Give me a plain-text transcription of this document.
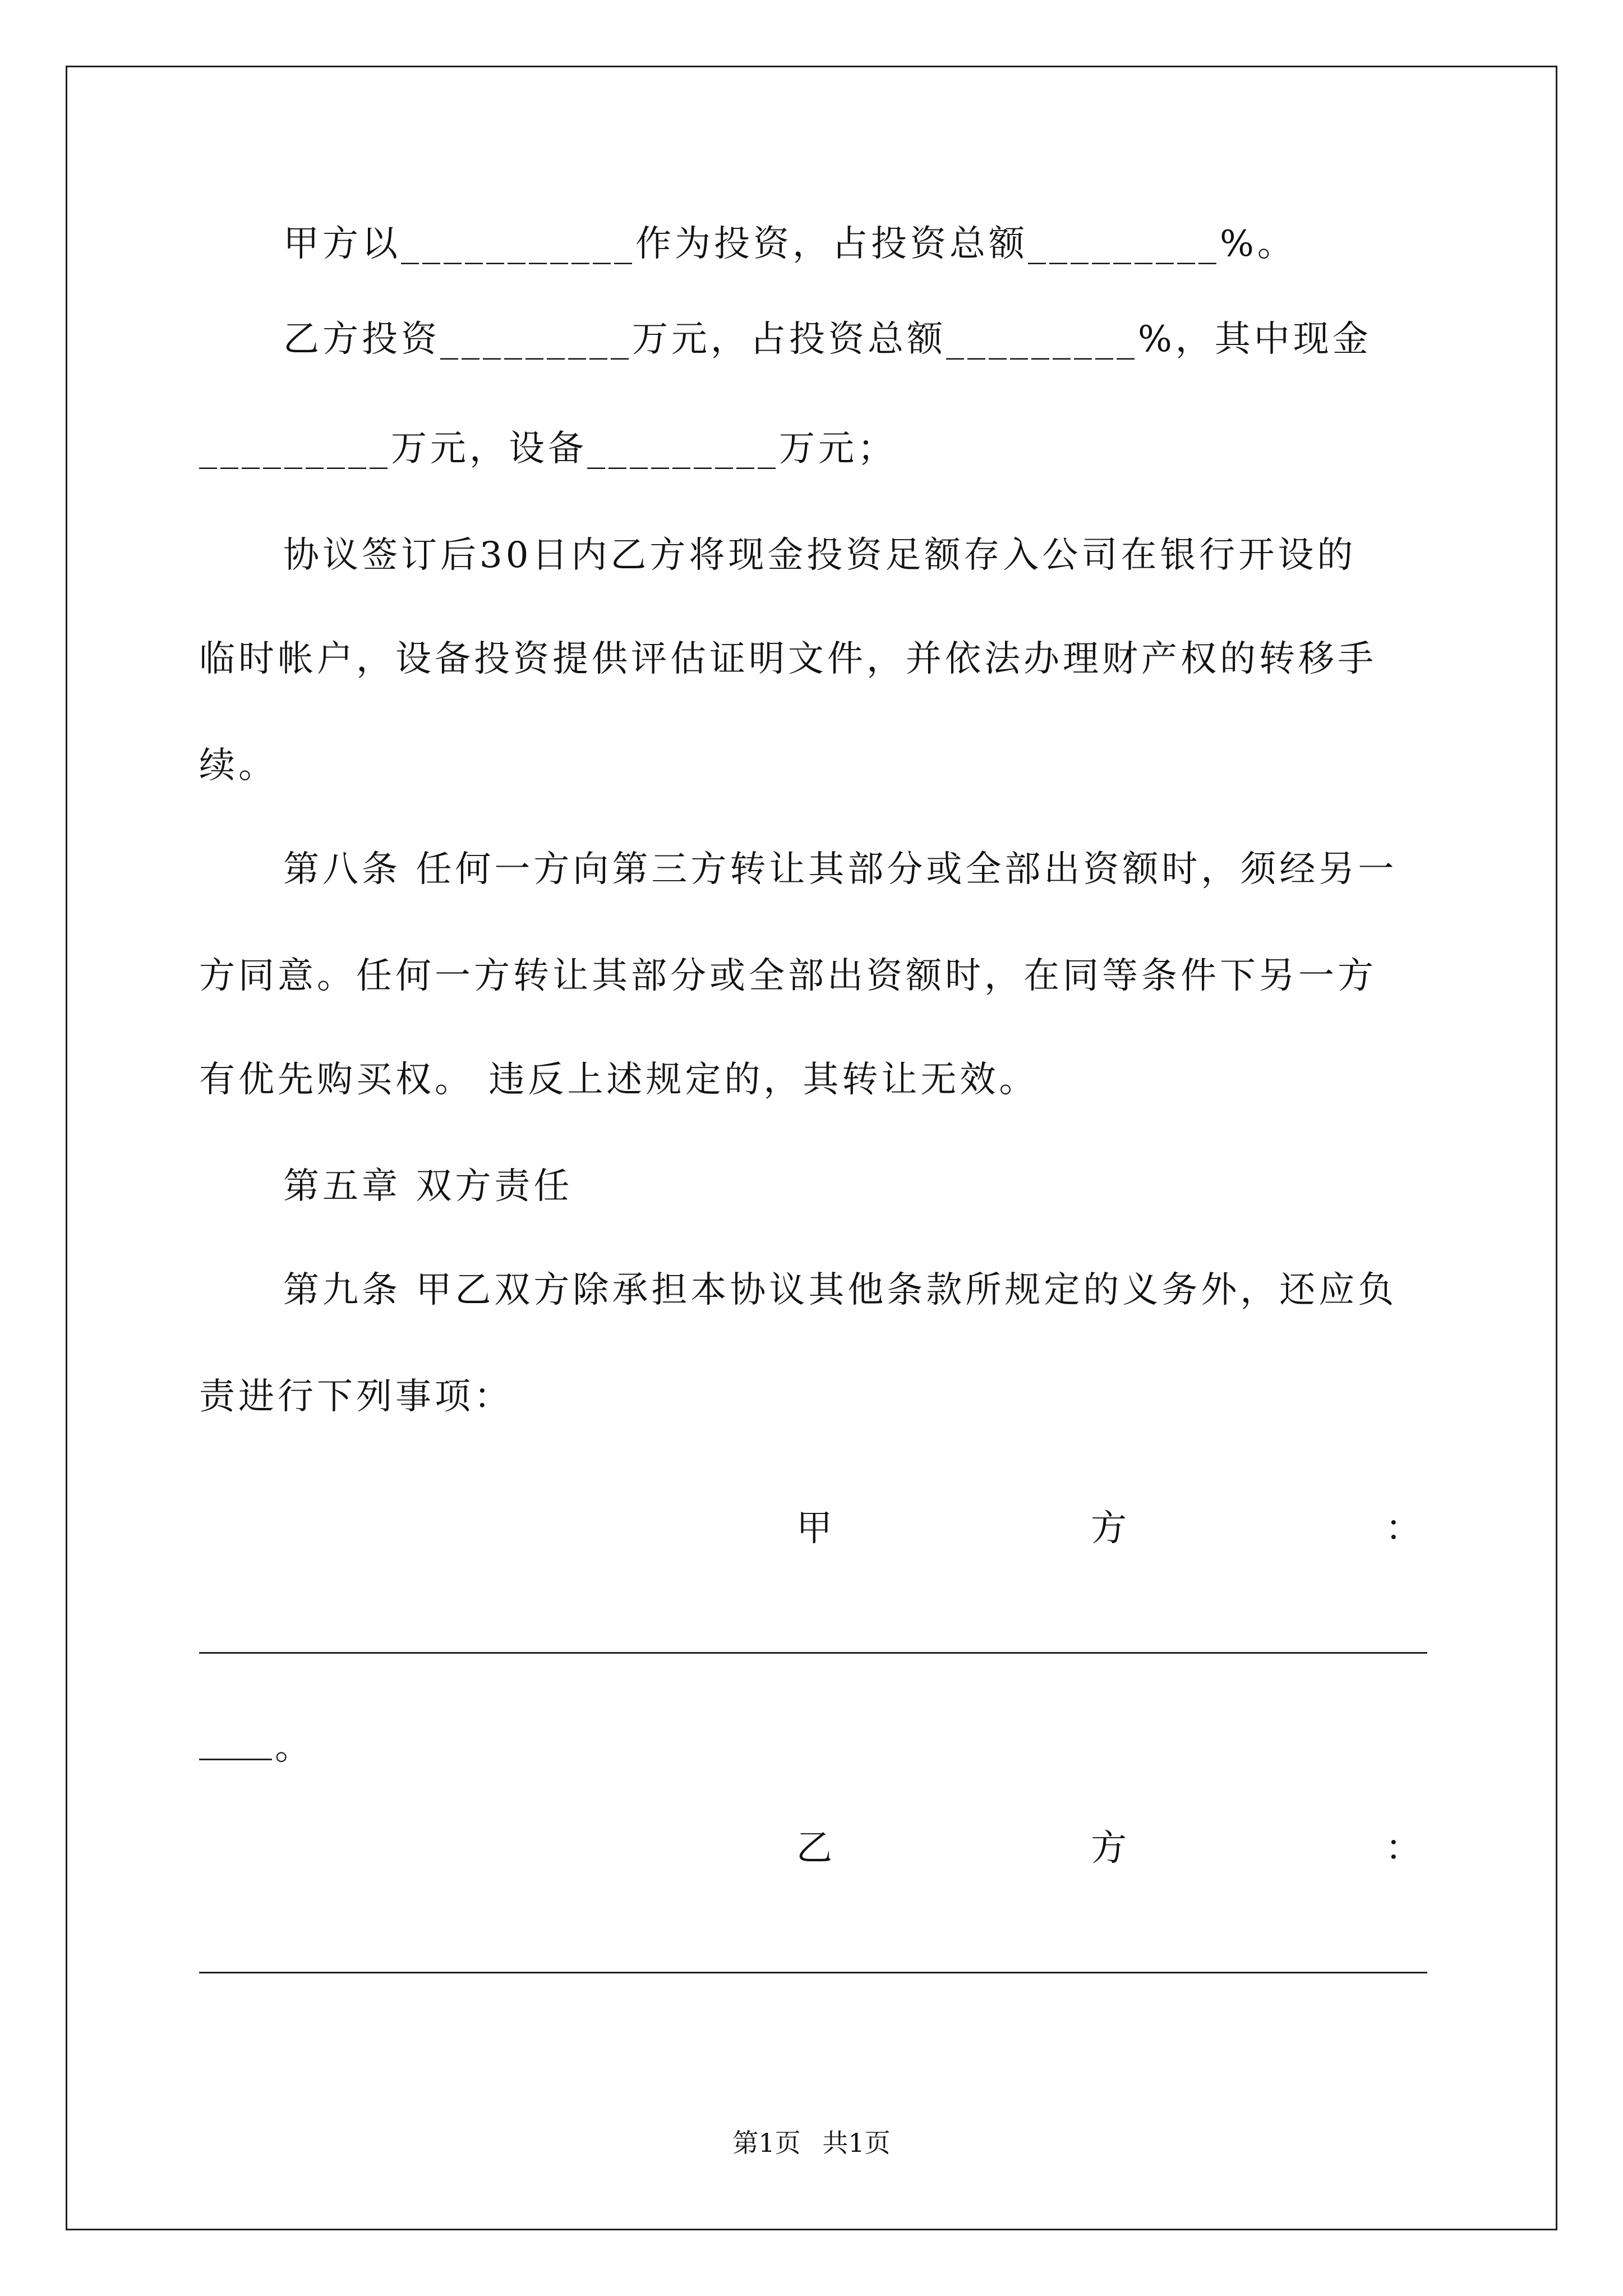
甲方以___________作为投资，占投资总额_________%。
乙方投资_________万元，占投资总额_________%，其中现金
_________万元，设备_________万元；
协议签订后30日内乙方将现金投资足额存入公司在银行开设的
临时帐户，设备投资提供评估证明文件，并依法办理财产权的转移手
续。
第八条 任何一方向第三方转让其部分或全部出资额时，须经另一
方同意。任何一方转让其部分或全部出资额时，在同等条件下另一方
有优先购买权。 违反上述规定的，其转让无效。
第五章 双方责任
第九条 甲乙双方除承担本协议其他条款所规定的义务外，还应负
责进行下列事项：
甲	方	：
。
乙	方	：
第1页 共1页
